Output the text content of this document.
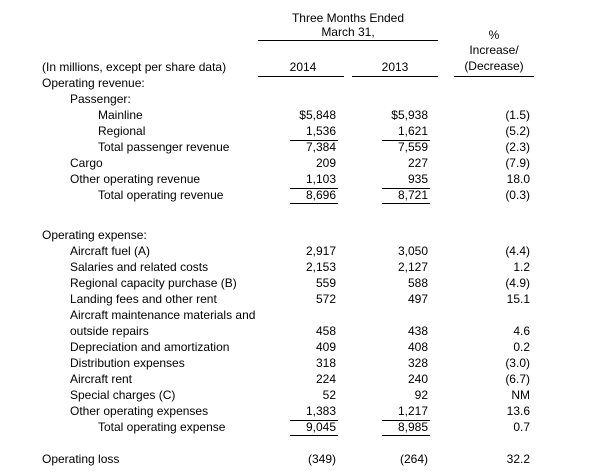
Three Months Ended
March 31,	%
Increase/
(Decrease)
(In millions, except per share data)	2014	2013
Operating revenue:
Passenger:
Mainline	$5,848	$5,938	(1.5)
Regional	1,536	1,621	(5.2)
Total passenger revenue	7,384	7,559	(2.3)
Cargo	209	227	(7.9)
Other operating revenue	1,103	935	18.0
Total operating revenue	8,696	8,721	(0.3)
Operating expense:
Aircraft fuel (A)	2,917	3,050	(4.4)
Salaries and related costs	2,153	2,127	1.2
Regional capacity purchase (B)	559	588	(4.9)
Landing fees and other rent	572	497	15.1
Aircraft maintenance materials and
outside repairs	458	438	4.6
Depreciation and amortization	409	408	0.2
Distribution expenses	318	328	(3.0)
Aircraft rent	224	240	(6.7)
Special charges (C)	52	92	NM
Other operating expenses	1,383	1,217	13.6
Total operating expense	9,045	8,985	0.7
Operating loss	(349)	(264)	32.2
